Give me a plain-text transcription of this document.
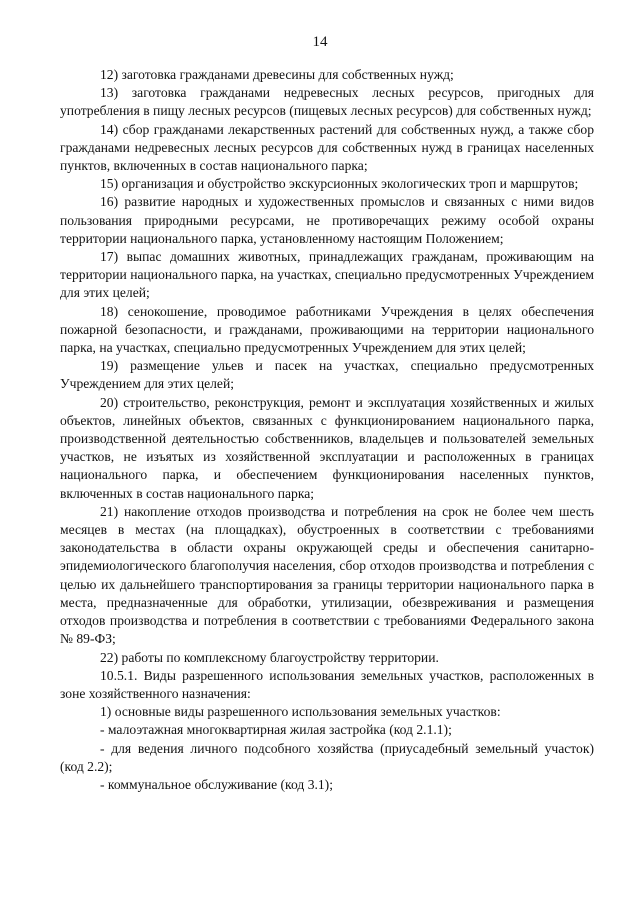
14

12) заготовка гражданами древесины для собственных нужд;

13) заготовка гражданами недревесных лесных ресурсов, пригодных для употребления в пищу лесных ресурсов (пищевых лесных ресурсов) для собственных нужд;

14) сбор гражданами лекарственных растений для собственных нужд, а также сбор гражданами недревесных лесных ресурсов для собственных нужд в границах населенных пунктов, включенных в состав национального парка;

15) организация и обустройство экскурсионных экологических троп и маршрутов;

16) развитие народных и художественных промыслов и связанных с ними видов пользования природными ресурсами, не противоречащих режиму особой охраны территории национального парка, установленному настоящим Положением;

17) выпас домашних животных, принадлежащих гражданам, проживающим на территории национального парка, на участках, специально предусмотренных Учреждением для этих целей;

18) сенокошение, проводимое работниками Учреждения в целях обеспечения пожарной безопасности, и гражданами, проживающими на территории национального парка, на участках, специально предусмотренных Учреждением для этих целей;

19) размещение ульев и пасек на участках, специально предусмотренных Учреждением для этих целей;

20) строительство, реконструкция, ремонт и эксплуатация хозяйственных и жилых объектов, линейных объектов, связанных с функционированием национального парка, производственной деятельностью собственников, владельцев и пользователей земельных участков, не изъятых из хозяйственной эксплуатации и расположенных в границах национального парка, и обеспечением функционирования населенных пунктов, включенных в состав национального парка;

21) накопление отходов производства и потребления на срок не более чем шесть месяцев в местах (на площадках), обустроенных в соответствии с требованиями законодательства в области охраны окружающей среды и обеспечения санитарно-эпидемиологического благополучия населения, сбор отходов производства и потребления с целью их дальнейшего транспортирования за границы территории национального парка в места, предназначенные для обработки, утилизации, обезвреживания и размещения отходов производства и потребления в соответствии с требованиями Федерального закона № 89-ФЗ;

22) работы по комплексному благоустройству территории.

10.5.1. Виды разрешенного использования земельных участков, расположенных в зоне хозяйственного назначения:

1) основные виды разрешенного использования земельных участков:

- малоэтажная многоквартирная жилая застройка (код 2.1.1);

- для ведения личного подсобного хозяйства (приусадебный земельный участок) (код 2.2);

- коммунальное обслуживание (код 3.1);
